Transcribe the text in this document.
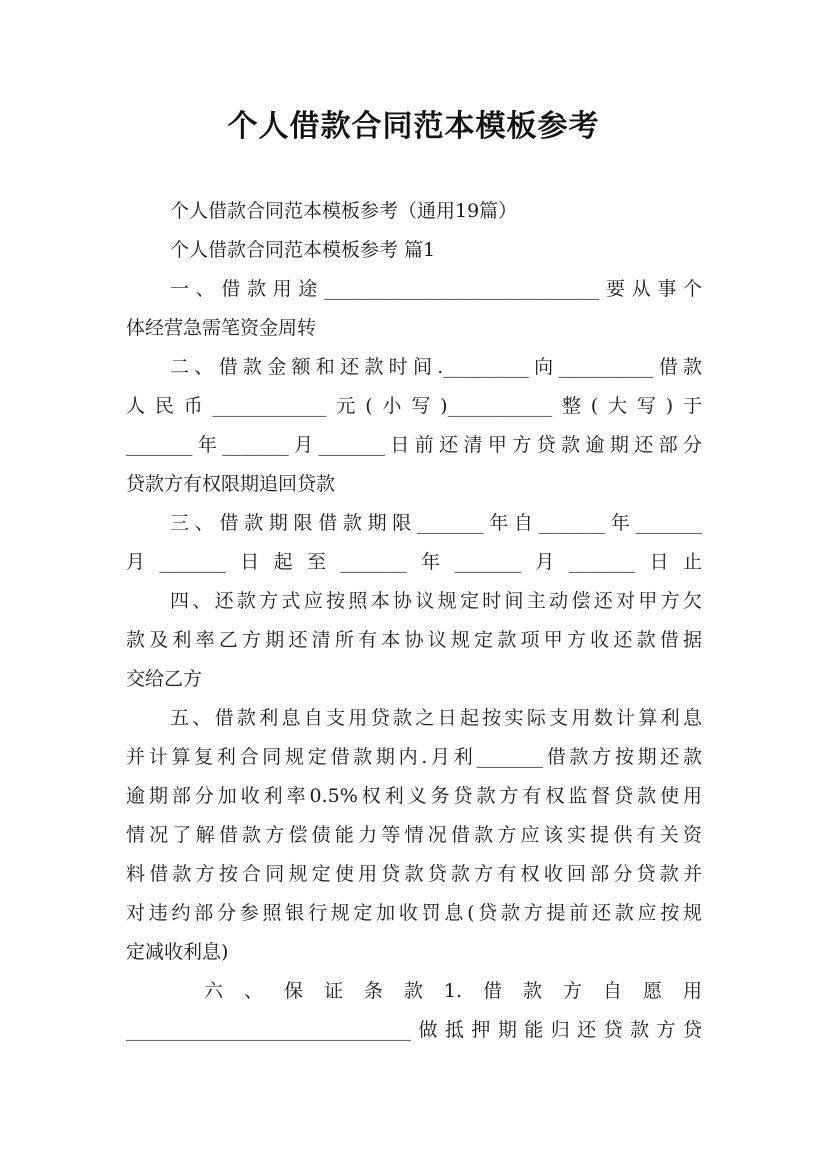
个人借款合同范本模板参考

个人借款合同范本模板参考（通用19篇）

个人借款合同范本模板参考 篇1

一、借款用途_____________________________要从事个

体经营急需笔资金周转

二、借款金额和还款时间._________向__________借款

人民币____________元(小写)___________整(大写)于

_______年_______月_______日前还清甲方贷款逾期还部分

贷款方有权限期追回贷款

三、借款期限借款期限_______年自_______年_______

月_______日起至_______年_______月_______日止

四、还款方式应按照本协议规定时间主动偿还对甲方欠

款及利率乙方期还清所有本协议规定款项甲方收还款借据

交给乙方

五、借款利息自支用贷款之日起按实际支用数计算利息

并计算复利合同规定借款期内.月利_______借款方按期还款

逾期部分加收利率0.5%权利义务贷款方有权监督贷款使用

情况了解借款方偿债能力等情况借款方应该实提供有关资

料借款方按合同规定使用贷款贷款方有权收回部分贷款并

对违约部分参照银行规定加收罚息(贷款方提前还款应按规

定减收利息)

六、保证条款1.借款方自愿用

______________________________做抵押期能归还贷款方贷
